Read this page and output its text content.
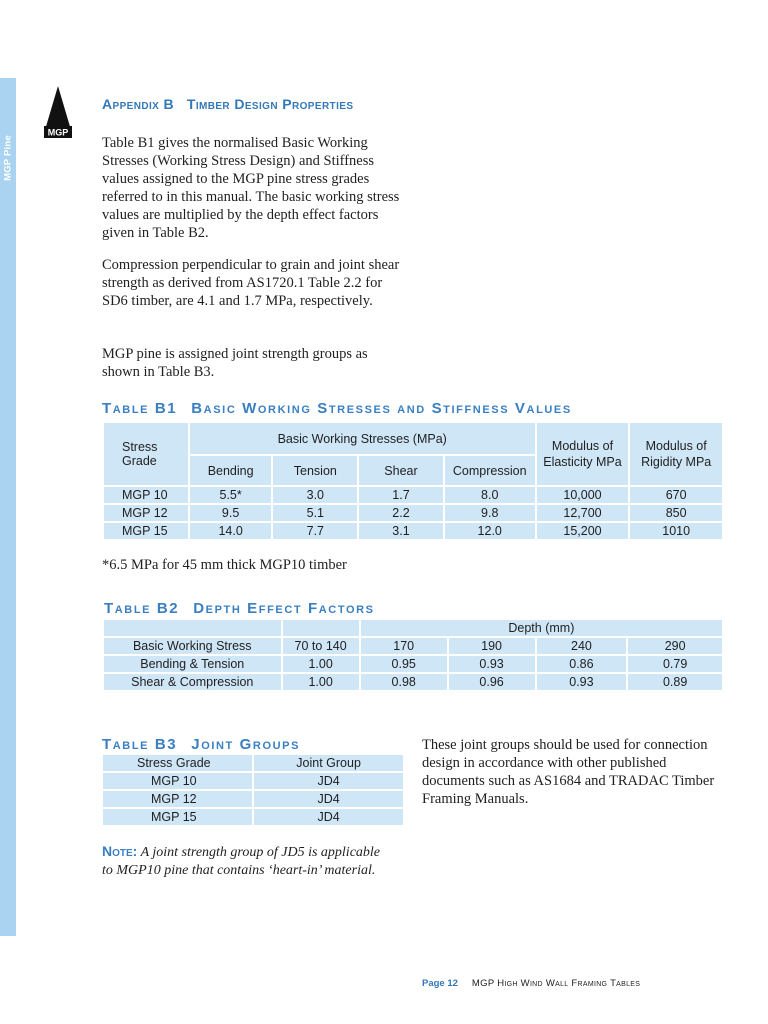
Working with
MGP Pine
MGP
Appendix B   Timber Design Properties

Table B1 gives the normalised Basic Working Stresses (Working Stress Design) and Stiffness values assigned to the MGP pine stress grades referred to in this manual. The basic working stress values are multiplied by the depth effect factors given in Table B2.

Compression perpendicular to grain and joint shear strength as derived from AS1720.1 Table 2.2 for SD6 timber, are 4.1 and 1.7 MPa, respectively.

MGP pine is assigned joint strength groups as shown in Table B3.

Table B1 Basic Working Stresses and Stiffness Values
Stress Grade	Basic Working Stresses (MPa)				Modulus of Elasticity MPa	Modulus of Rigidity MPa
	Bending	Tension	Shear	Compression		
MGP 10	5.5*	3.0	1.7	8.0	10,000	670
MGP 12	9.5	5.1	2.2	9.8	12,700	850
MGP 15	14.0	7.7	3.1	12.0	15,200	1010

*6.5 MPa for 45 mm thick MGP10 timber

Table B2 Depth Effect Factors
		Depth (mm)			
Basic Working Stress	70 to 140	170	190	240	290
Bending & Tension	1.00	0.95	0.93	0.86	0.79
Shear & Compression	1.00	0.98	0.96	0.93	0.89
Table B3 Joint Groups
Stress Grade	Joint Group
MGP 10	JD4
MGP 12	JD4
MGP 15	JD4

These joint groups should be used for connection design in accordance with other published documents such as AS1684 and TRADAC Timber Framing Manuals.

Note: A joint strength group of JD5 is applicable to MGP10 pine that contains ‘heart-in’ material.

Page 12 MGP High Wind Wall Framing Tables
